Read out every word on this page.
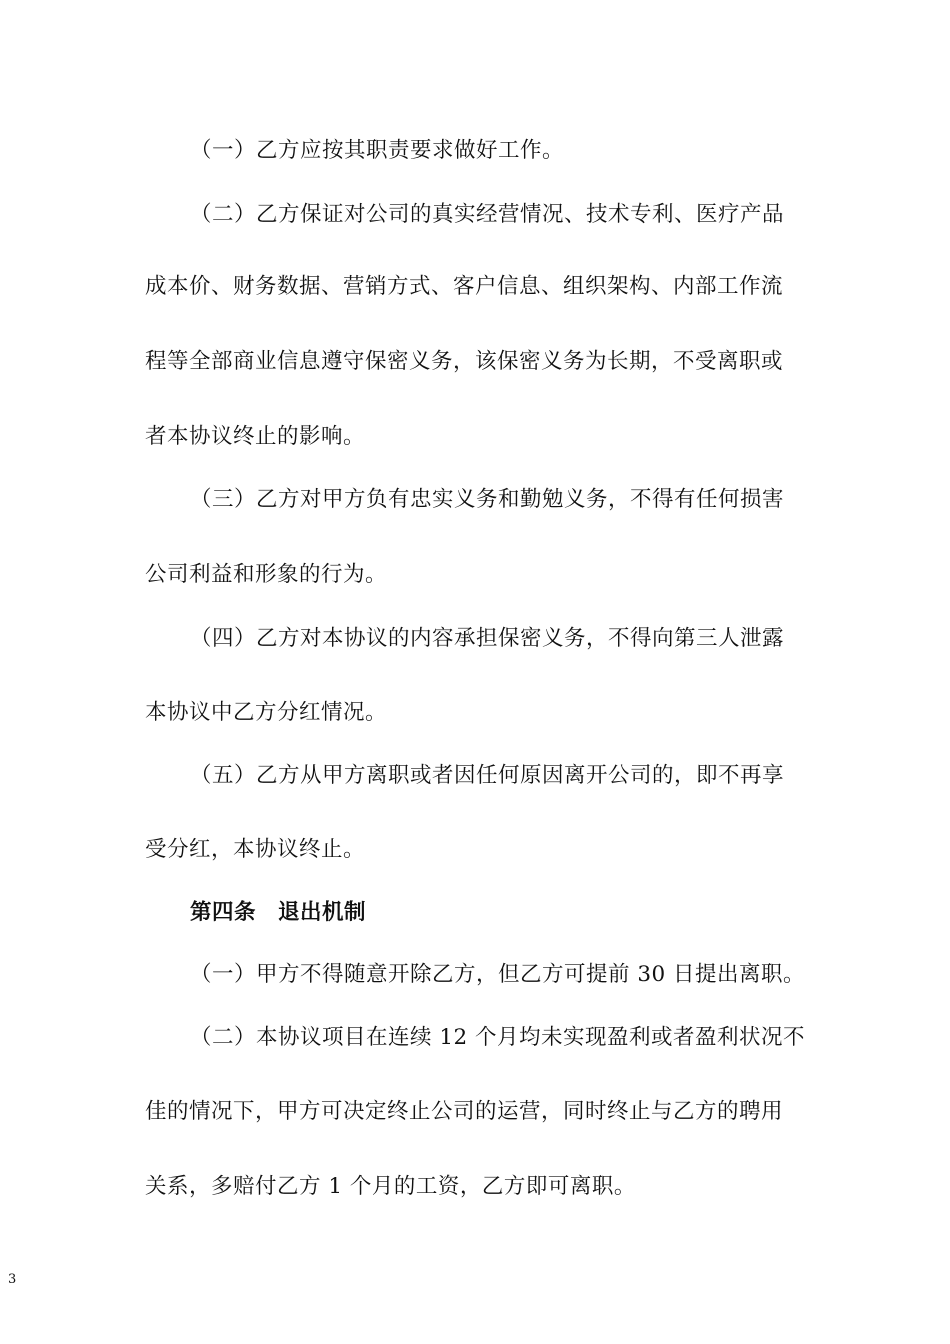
（一）乙方应按其职责要求做好工作。
（二）乙方保证对公司的真实经营情况、技术专利、医疗产品
成本价、财务数据、营销方式、客户信息、组织架构、内部工作流
程等全部商业信息遵守保密义务，该保密义务为长期，不受离职或
者本协议终止的影响。
（三）乙方对甲方负有忠实义务和勤勉义务，不得有任何损害
公司利益和形象的行为。
（四）乙方对本协议的内容承担保密义务，不得向第三人泄露
本协议中乙方分红情况。
（五）乙方从甲方离职或者因任何原因离开公司的，即不再享
受分红，本协议终止。
第四条　退出机制
（一）甲方不得随意开除乙方，但乙方可提前 30 日提出离职。
（二）本协议项目在连续 12 个月均未实现盈利或者盈利状况不
佳的情况下，甲方可决定终止公司的运营，同时终止与乙方的聘用
关系，多赔付乙方 1 个月的工资，乙方即可离职。
3
